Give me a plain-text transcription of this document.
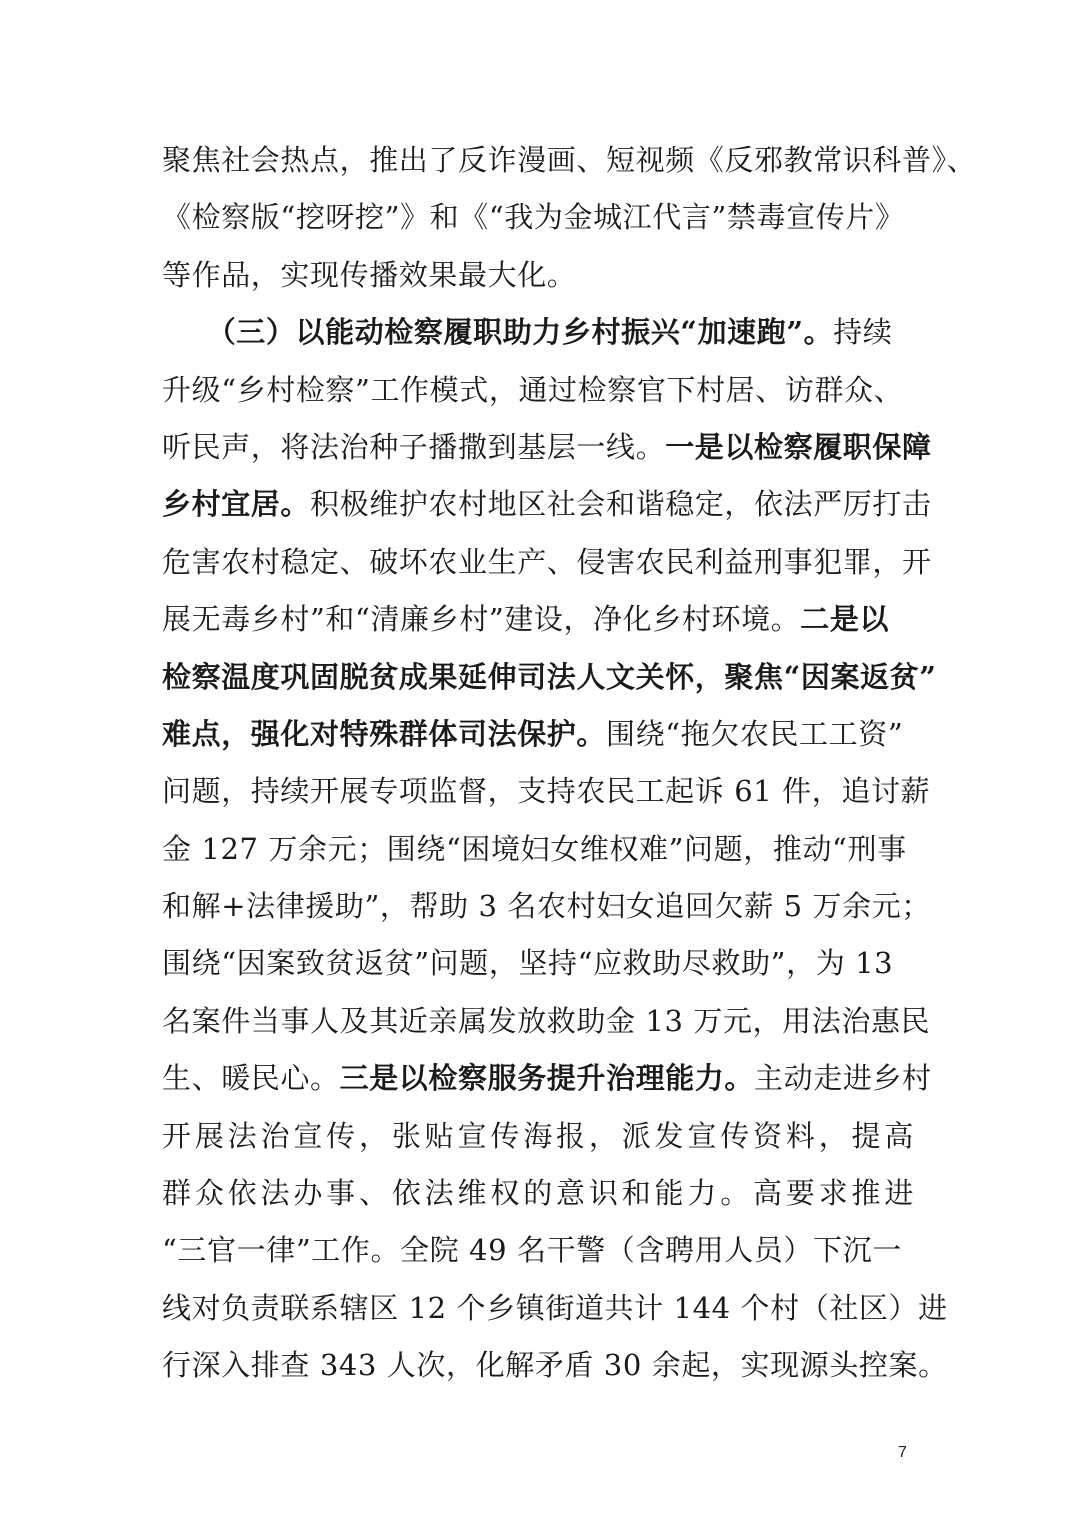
聚焦社会热点，推出了反诈漫画、短视频《反邪教常识科普》、
《检察版“挖呀挖”》和《“我为金城江代言”禁毒宣传片》
等作品，实现传播效果最大化。
　　（三）以能动检察履职助力乡村振兴“加速跑”。持续
升级“乡村检察”工作模式，通过检察官下村居、访群众、
听民声，将法治种子播撒到基层一线。一是以检察履职保障
乡村宜居。积极维护农村地区社会和谐稳定，依法严厉打击
危害农村稳定、破坏农业生产、侵害农民利益刑事犯罪，开
展无毒乡村”和“清廉乡村”建设，净化乡村环境。二是以
检察温度巩固脱贫成果延伸司法人文关怀，聚焦“因案返贫”
难点，强化对特殊群体司法保护。围绕“拖欠农民工工资”
问题，持续开展专项监督，支持农民工起诉 61 件，追讨薪
金 127 万余元；围绕“困境妇女维权难”问题，推动“刑事
和解+法律援助”，帮助 3 名农村妇女追回欠薪 5 万余元；
围绕“因案致贫返贫”问题，坚持“应救助尽救助”，为 13
名案件当事人及其近亲属发放救助金 13 万元，用法治惠民
生、暖民心。三是以检察服务提升治理能力。主动走进乡村
开展法治宣传，张贴宣传海报，派发宣传资料，提高
群众依法办事、依法维权的意识和能力。高要求推进
“三官一律”工作。全院 49 名干警（含聘用人员）下沉一
线对负责联系辖区 12 个乡镇街道共计 144 个村（社区）进
行深入排查 343 人次，化解矛盾 30 余起，实现源头控案。
7
